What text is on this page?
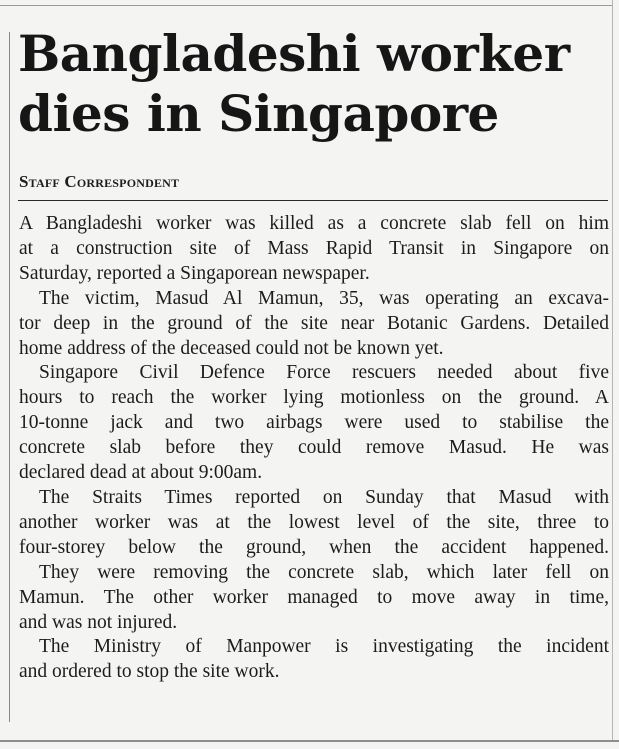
Bangladeshi worker
dies in Singapore
Staff Correspondent

A Bangladeshi worker was killed as a concrete slab fell on him
at a construction site of Mass Rapid Transit in Singapore on
Saturday, reported a Singaporean newspaper.

The victim, Masud Al Mamun, 35, was operating an excava-
tor deep in the ground of the site near Botanic Gardens. Detailed
home address of the deceased could not be known yet.

Singapore Civil Defence Force rescuers needed about five
hours to reach the worker lying motionless on the ground. A
10-tonne jack and two airbags were used to stabilise the
concrete slab before they could remove Masud. He was
declared dead at about 9:00am.

The Straits Times reported on Sunday that Masud with
another worker was at the lowest level of the site, three to
four-storey below the ground, when the accident happened.

They were removing the concrete slab, which later fell on
Mamun. The other worker managed to move away in time,
and was not injured.

The Ministry of Manpower is investigating the incident
and ordered to stop the site work.
